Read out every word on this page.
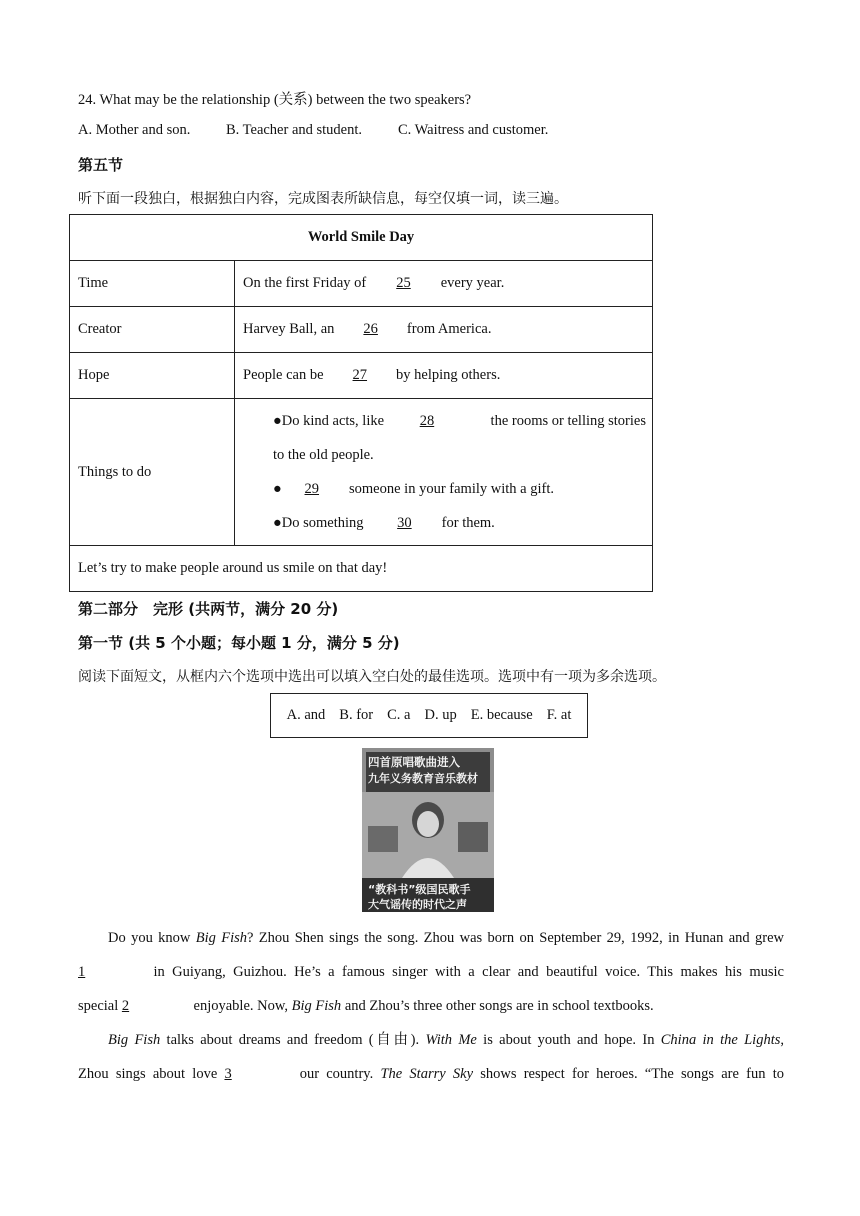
24. What may be the relationship (关系) between the two speakers?
A. Mother and son. B. Teacher and student. C. Waitress and customer.
第五节
听下面一段独白，根据独白内容，完成图表所缺信息，每空仅填一词，读三遍。
World Smile Day	
Time	On the first Friday of 25 every year.
Creator	Harvey Ball, an 26 from America.
Hope	People can be 27 by helping others.
Things to do	●Do kind acts, like 28 the rooms or telling stories
to the old people.
● 29 someone in your family with a gift.
●Do something 30 for them.

Let’s try to make people around us smile on that day!	
第二部分　完形 (共两节，满分 20 分)
第一节 (共 5 个小题；每小题 1 分，满分 5 分)
阅读下面短文，从框内六个选项中选出可以填入空白处的最佳选项。选项中有一项为多余选项。
A. and B. for C. a D. up E. because F. at
四首原唱歌曲进入
九年义务教育音乐教材
“教科书”级国民歌手
大气谣传的时代之声
Do you know Big Fish? Zhou Shen sings the song. Zhou was born on September 29, 1992, in Hunan and grew
1	in Guiyang, Guizhou. He’s a famous singer with a clear and beautiful voice. This makes his music
special 2	enjoyable. Now, Big Fish and Zhou’s three other songs are in school textbooks.
Big Fish talks about dreams and freedom (自由). With Me is about youth and hope. In China in the Lights,
Zhou sings about love 3	our country. The Starry Sky shows respect for heroes. “The songs are fun to
